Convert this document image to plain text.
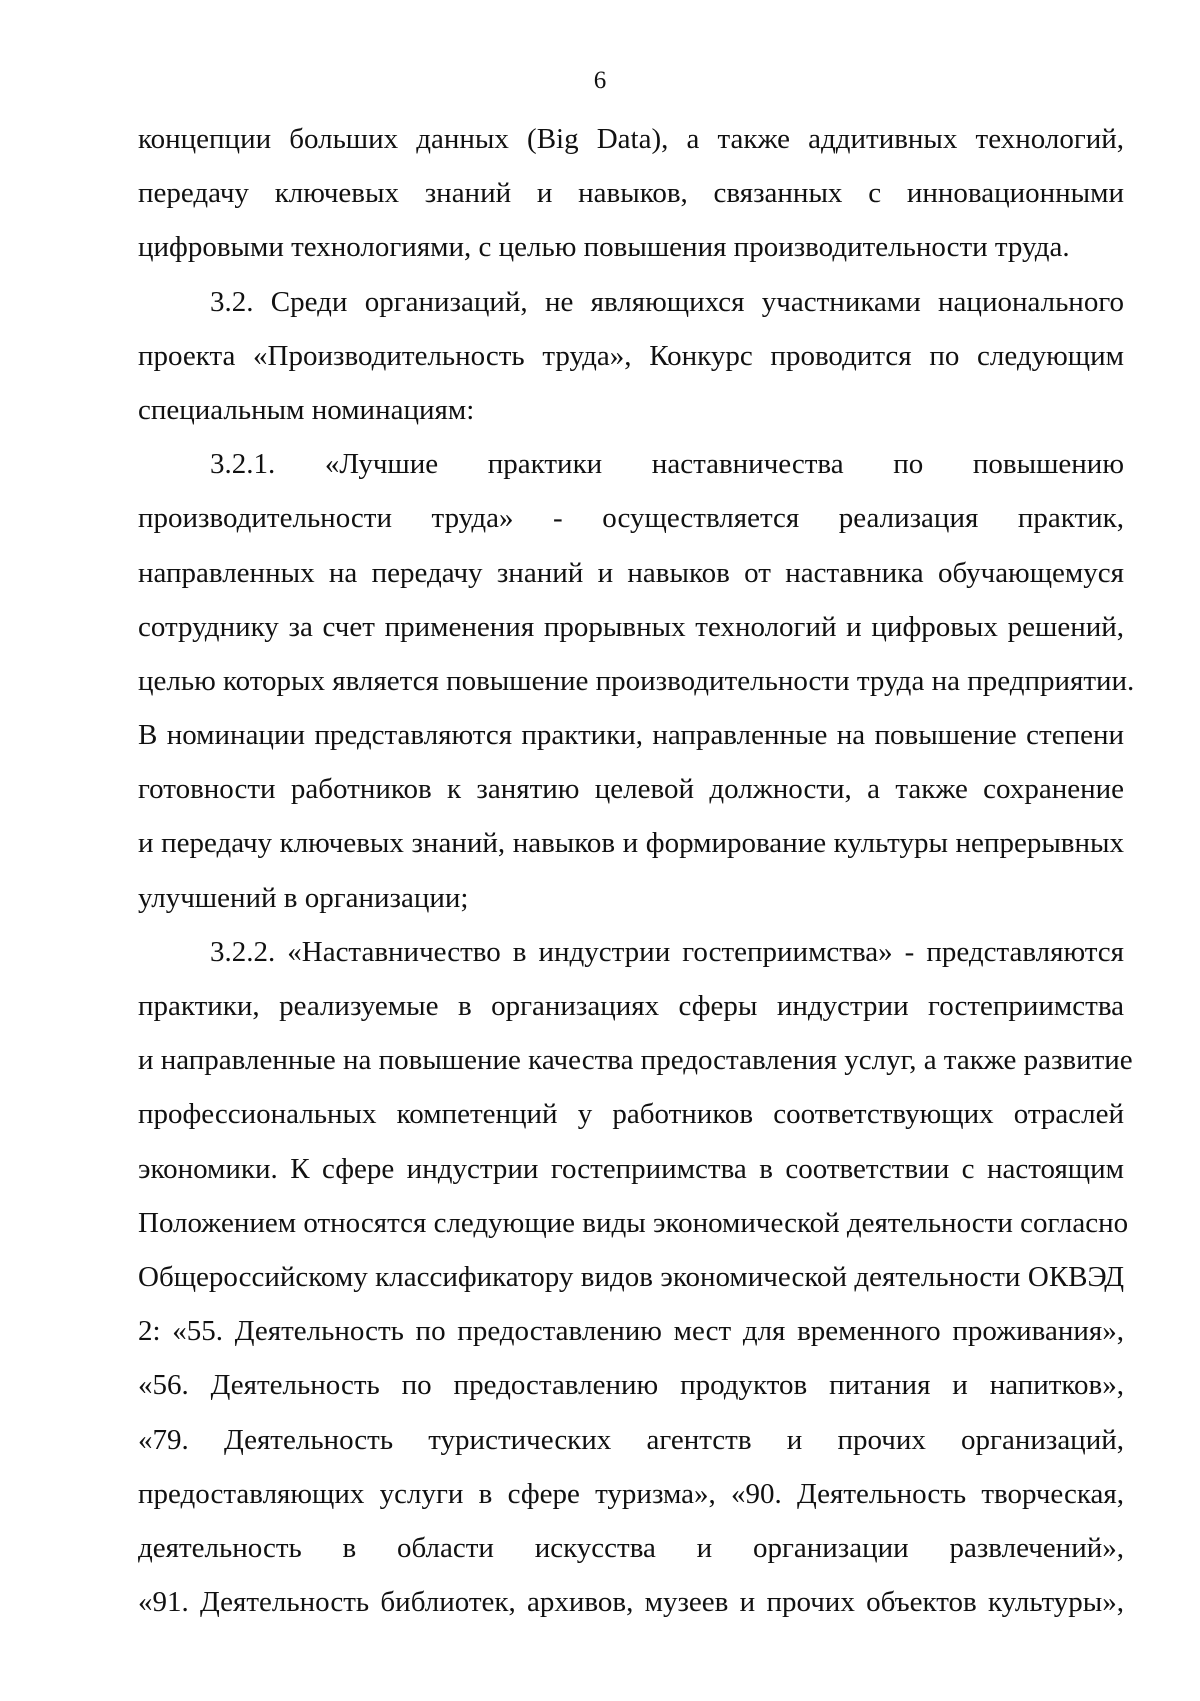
6
концепции больших данных (Big Data), а также аддитивных технологий,
передачу ключевых знаний и навыков, связанных с инновационными
цифровыми технологиями, с целью повышения производительности труда.
3.2. Среди организаций, не являющихся участниками национального
проекта «Производительность труда», Конкурс проводится по следующим
специальным номинациям:
3.2.1. «Лучшие практики наставничества по повышению
производительности труда» - осуществляется реализация практик,
направленных на передачу знаний и навыков от наставника обучающемуся
сотруднику за счет применения прорывных технологий и цифровых решений,
целью которых является повышение производительности труда на предприятии.
В номинации представляются практики, направленные на повышение степени
готовности работников к занятию целевой должности, а также сохранение
и передачу ключевых знаний, навыков и формирование культуры непрерывных
улучшений в организации;
3.2.2. «Наставничество в индустрии гостеприимства» - представляются
практики, реализуемые в организациях сферы индустрии гостеприимства
и направленные на повышение качества предоставления услуг, а также развитие
профессиональных компетенций у работников соответствующих отраслей
экономики. К сфере индустрии гостеприимства в соответствии с настоящим
Положением относятся следующие виды экономической деятельности согласно
Общероссийскому классификатору видов экономической деятельности ОКВЭД
2: «55. Деятельность по предоставлению мест для временного проживания»,
«56. Деятельность по предоставлению продуктов питания и напитков»,
«79. Деятельность туристических агентств и прочих организаций,
предоставляющих услуги в сфере туризма», «90. Деятельность творческая,
деятельность в области искусства и организации развлечений»,
«91. Деятельность библиотек, архивов, музеев и прочих объектов культуры»,
